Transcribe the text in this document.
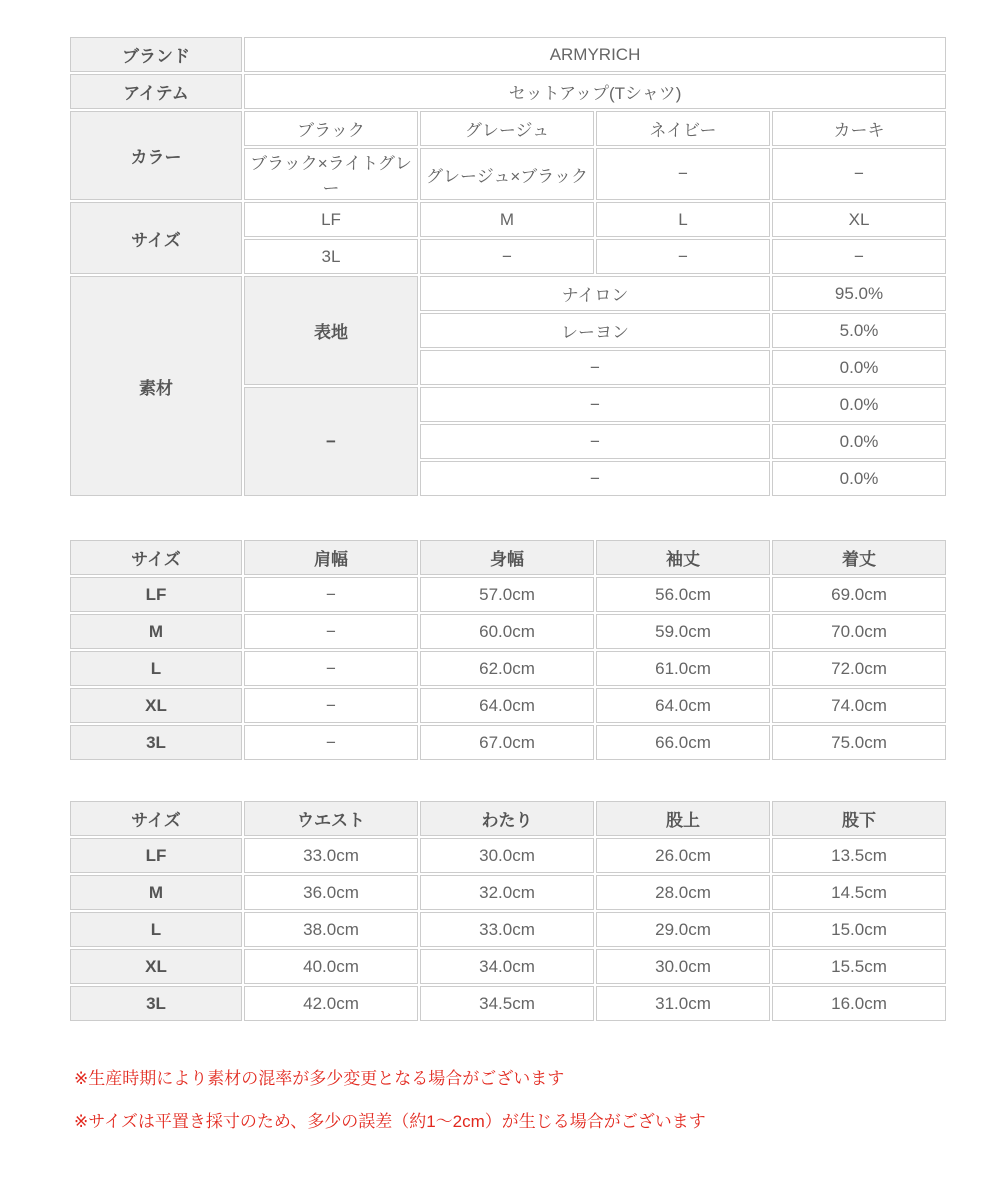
ブランド	ARMYRICH			
アイテム	セットアップ(Tシャツ)			
カラー	ブラック	グレージュ	ネイビー	カーキ
	ブラック×ライトグレー	グレージュ×ブラック	−	−
サイズ	LF	M	L	XL
	3L	−	−	−
素材	表地	ナイロン		95.0%
		レーヨン		5.0%
		−		0.0%
	−	−		0.0%
		−		0.0%
		−		0.0%
サイズ	肩幅	身幅	袖丈	着丈
LF	−	57.0cm	56.0cm	69.0cm
M	−	60.0cm	59.0cm	70.0cm
L	−	62.0cm	61.0cm	72.0cm
XL	−	64.0cm	64.0cm	74.0cm
3L	−	67.0cm	66.0cm	75.0cm
サイズ	ウエスト	わたり	股上	股下
LF	33.0cm	30.0cm	26.0cm	13.5cm
M	36.0cm	32.0cm	28.0cm	14.5cm
L	38.0cm	33.0cm	29.0cm	15.0cm
XL	40.0cm	34.0cm	30.0cm	15.5cm
3L	42.0cm	34.5cm	31.0cm	16.0cm

※生産時期により素材の混率が多少変更となる場合がございます

※サイズは平置き採寸のため、多少の誤差（約1〜2cm）が生じる場合がございます
